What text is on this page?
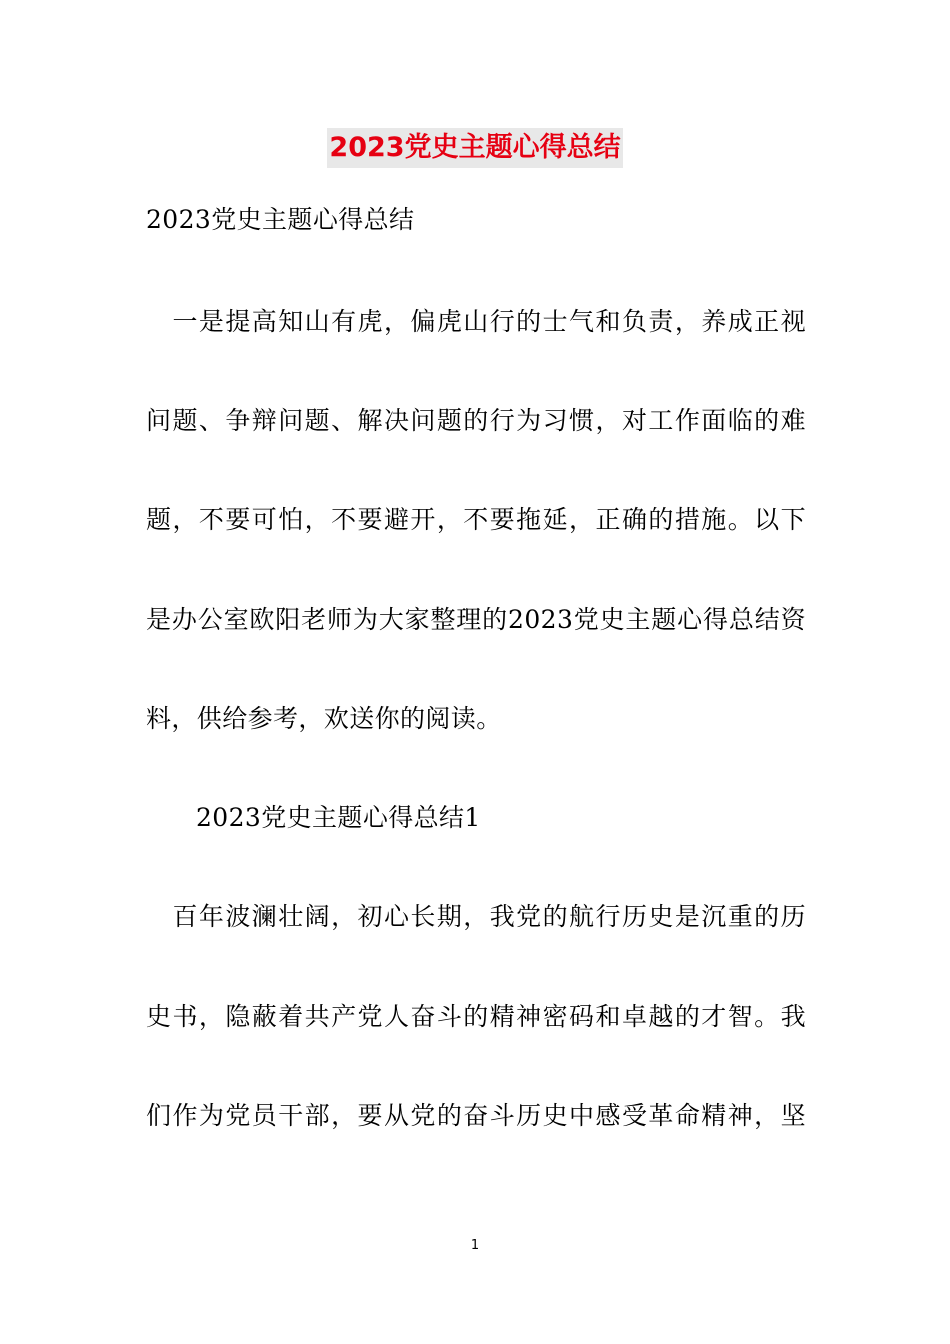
2023党史主题心得总结
2023党史主题心得总结
　一是提高知山有虎，偏虎山行的士气和负责，养成正视
问题、争辩问题、解决问题的行为习惯，对工作面临的难
题，不要可怕，不要避开，不要拖延，正确的措施。以下
是办公室欧阳老师为大家整理的2023党史主题心得总结资
料，供给参考，欢送你的阅读。
2023党史主题心得总结1
　百年波澜壮阔，初心长期，我党的航行历史是沉重的历
史书，隐蔽着共产党人奋斗的精神密码和卓越的才智。我
们作为党员干部，要从党的奋斗历史中感受革命精神，坚
1
